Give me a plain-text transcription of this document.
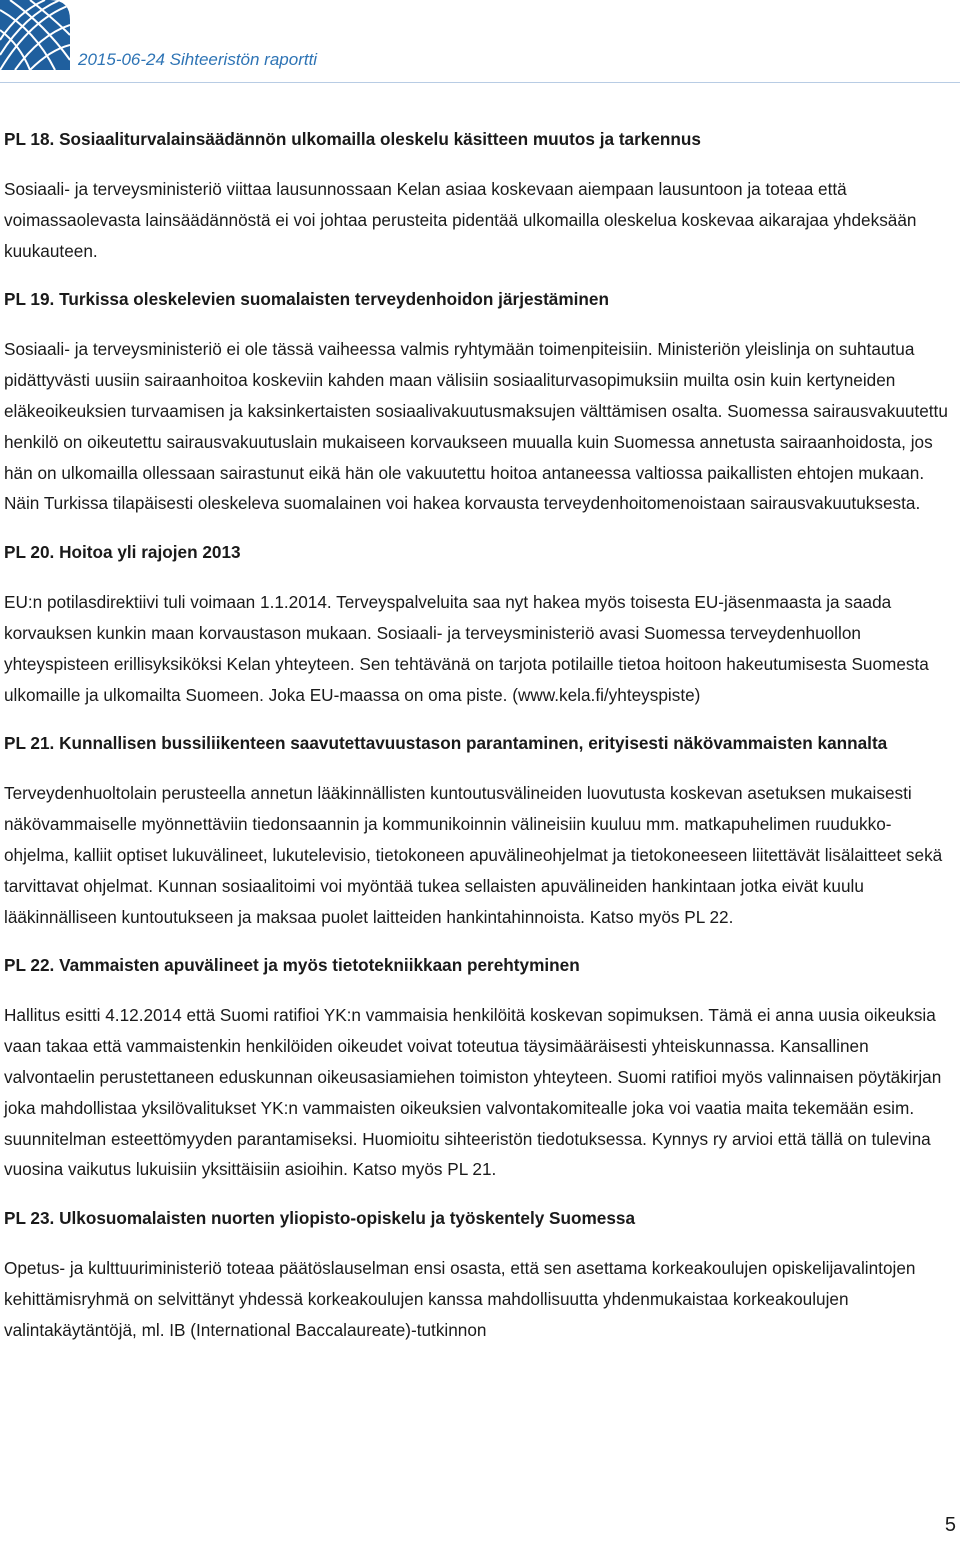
2015-06-24 Sihteeristön raportti
PL 18. Sosiaaliturvalainsäädännön ulkomailla oleskelu käsitteen muutos ja tarkennus

Sosiaali- ja terveysministeriö viittaa lausunnossaan Kelan asiaa koskevaan aiempaan lausuntoon ja toteaa että voimassaolevasta lainsäädännöstä ei voi johtaa perusteita pidentää ulkomailla oleskelua koskevaa aikarajaa yhdeksään kuukauteen.

PL 19. Turkissa oleskelevien suomalaisten terveydenhoidon järjestäminen

Sosiaali- ja terveysministeriö ei ole tässä vaiheessa valmis ryhtymään toimenpiteisiin. Ministeriön yleislinja on suhtautua pidättyvästi uusiin sairaanhoitoa koskeviin kahden maan välisiin sosiaaliturvasopimuksiin muilta osin kuin kertyneiden eläkeoikeuksien turvaamisen ja kaksinkertaisten sosiaalivakuutusmaksujen välttämisen osalta. Suomessa sairausvakuutettu henkilö on oikeutettu sairausvakuutuslain mukaiseen korvaukseen muualla kuin Suomessa annetusta sairaanhoidosta, jos hän on ulkomailla ollessaan sairastunut eikä hän ole vakuutettu hoitoa antaneessa valtiossa paikallisten ehtojen mukaan. Näin Turkissa tilapäisesti oleskeleva suomalainen voi hakea korvausta terveydenhoitomenoistaan sairausvakuutuksesta.

PL 20. Hoitoa yli rajojen 2013

EU:n potilasdirektiivi tuli voimaan 1.1.2014. Terveyspalveluita saa nyt hakea myös toisesta EU-jäsenmaasta ja saada korvauksen kunkin maan korvaustason mukaan. Sosiaali- ja terveysministeriö avasi Suomessa terveydenhuollon yhteyspisteen erillisyksiköksi Kelan yhteyteen. Sen tehtävänä on tarjota potilaille tietoa hoitoon hakeutumisesta Suomesta ulkomaille ja ulkomailta Suomeen. Joka EU-maassa on oma piste. (www.kela.fi/yhteyspiste)

PL 21. Kunnallisen bussiliikenteen saavutettavuustason parantaminen, erityisesti näkövammaisten kannalta

Terveydenhuoltolain perusteella annetun lääkinnällisten kuntoutusvälineiden luovutusta koskevan asetuksen mukaisesti näkövammaiselle myönnettäviin tiedonsaannin ja kommunikoinnin välineisiin kuuluu mm. matkapuhelimen ruudukko-ohjelma, kalliit optiset lukuvälineet, lukutelevisio, tietokoneen apuvälineohjelmat ja tietokoneeseen liitettävät lisälaitteet sekä tarvittavat ohjelmat. Kunnan sosiaalitoimi voi myöntää tukea sellaisten apuvälineiden hankintaan jotka eivät kuulu lääkinnälliseen kuntoutukseen ja maksaa puolet laitteiden hankintahinnoista. Katso myös PL 22.

PL 22. Vammaisten apuvälineet ja myös tietotekniikkaan perehtyminen

Hallitus esitti 4.12.2014 että Suomi ratifioi YK:n vammaisia henkilöitä koskevan sopimuksen. Tämä ei anna uusia oikeuksia vaan takaa että vammaistenkin henkilöiden oikeudet voivat toteutua täysimääräisesti yhteiskunnassa. Kansallinen valvontaelin perustettaneen eduskunnan oikeusasiamiehen toimiston yhteyteen. Suomi ratifioi myös valinnaisen pöytäkirjan joka mahdollistaa yksilövalitukset YK:n vammaisten oikeuksien valvontakomitealle joka voi vaatia maita tekemään esim. suunnitelman esteettömyyden parantamiseksi. Huomioitu sihteeristön tiedotuksessa. Kynnys ry arvioi että tällä on tulevina vuosina vaikutus lukuisiin yksittäisiin asioihin. Katso myös PL 21.

PL 23. Ulkosuomalaisten nuorten yliopisto-opiskelu ja työskentely Suomessa

Opetus- ja kulttuuriministeriö toteaa päätöslauselman ensi osasta, että sen asettama korkeakoulujen opiskelijavalintojen kehittämisryhmä on selvittänyt yhdessä korkeakoulujen kanssa mahdollisuutta yhdenmukaistaa korkeakoulujen valintakäytäntöjä, ml. IB (International Baccalaureate)-tutkinnon

5
